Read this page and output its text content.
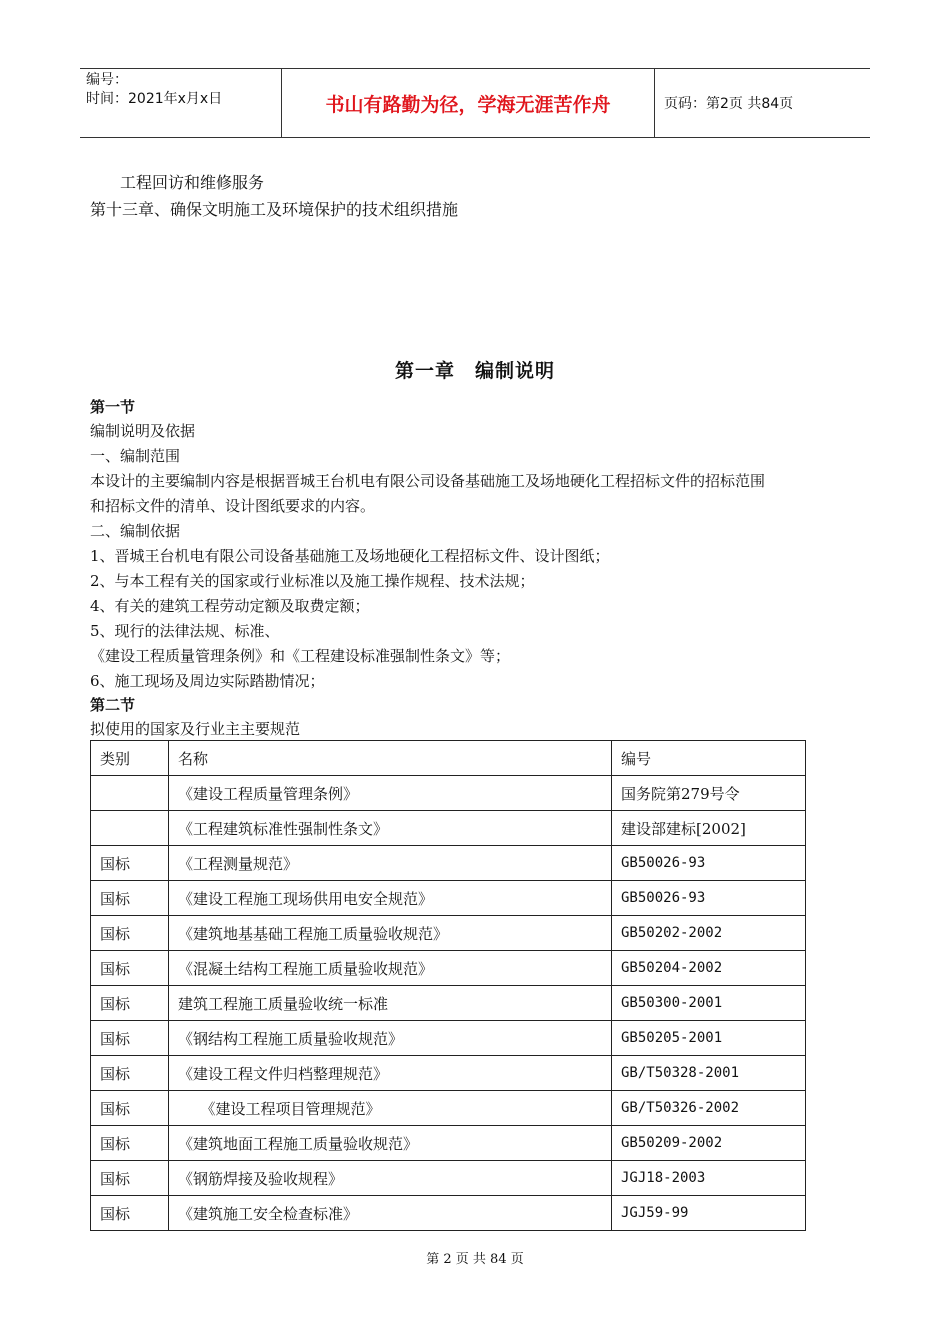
编号：
时间：2021年x月x日	书山有路勤为径，学海无涯苦作舟	页码：第2页 共84页
工程回访和维修服务
第十三章、确保文明施工及环境保护的技术组织措施
第一章　编制说明
第一节
编制说明及依据
一、编制范围
本设计的主要编制内容是根据晋城王台机电有限公司设备基础施工及场地硬化工程招标文件的招标范围
和招标文件的清单、设计图纸要求的内容。
二、编制依据
1、晋城王台机电有限公司设备基础施工及场地硬化工程招标文件、设计图纸；
2、与本工程有关的国家或行业标准以及施工操作规程、技术法规；
4、有关的建筑工程劳动定额及取费定额；
5、现行的法律法规、标准、
《建设工程质量管理条例》和《工程建设标准强制性条文》等；
6、施工现场及周边实际踏勘情况；
第二节
拟使用的国家及行业主主要规范
类别	名称	编号
	《建设工程质量管理条例》	国务院第279号令
	《工程建筑标准性强制性条文》	建设部建标[2002]
国标	《工程测量规范》	GB50026-93
国标	《建设工程施工现场供用电安全规范》	GB50026-93
国标	《建筑地基基础工程施工质量验收规范》	GB50202-2002
国标	《混凝土结构工程施工质量验收规范》	GB50204-2002
国标	建筑工程施工质量验收统一标准	GB50300-2001
国标	《钢结构工程施工质量验收规范》	GB50205-2001
国标	《建设工程文件归档整理规范》	GB/T50328-2001
国标	　　《建设工程项目管理规范》	GB/T50326-2002
国标	《建筑地面工程施工质量验收规范》	GB50209-2002
国标	《钢筋焊接及验收规程》	JGJ18-2003
国标	《建筑施工安全检查标准》	JGJ59-99
第 2 页 共 84 页
